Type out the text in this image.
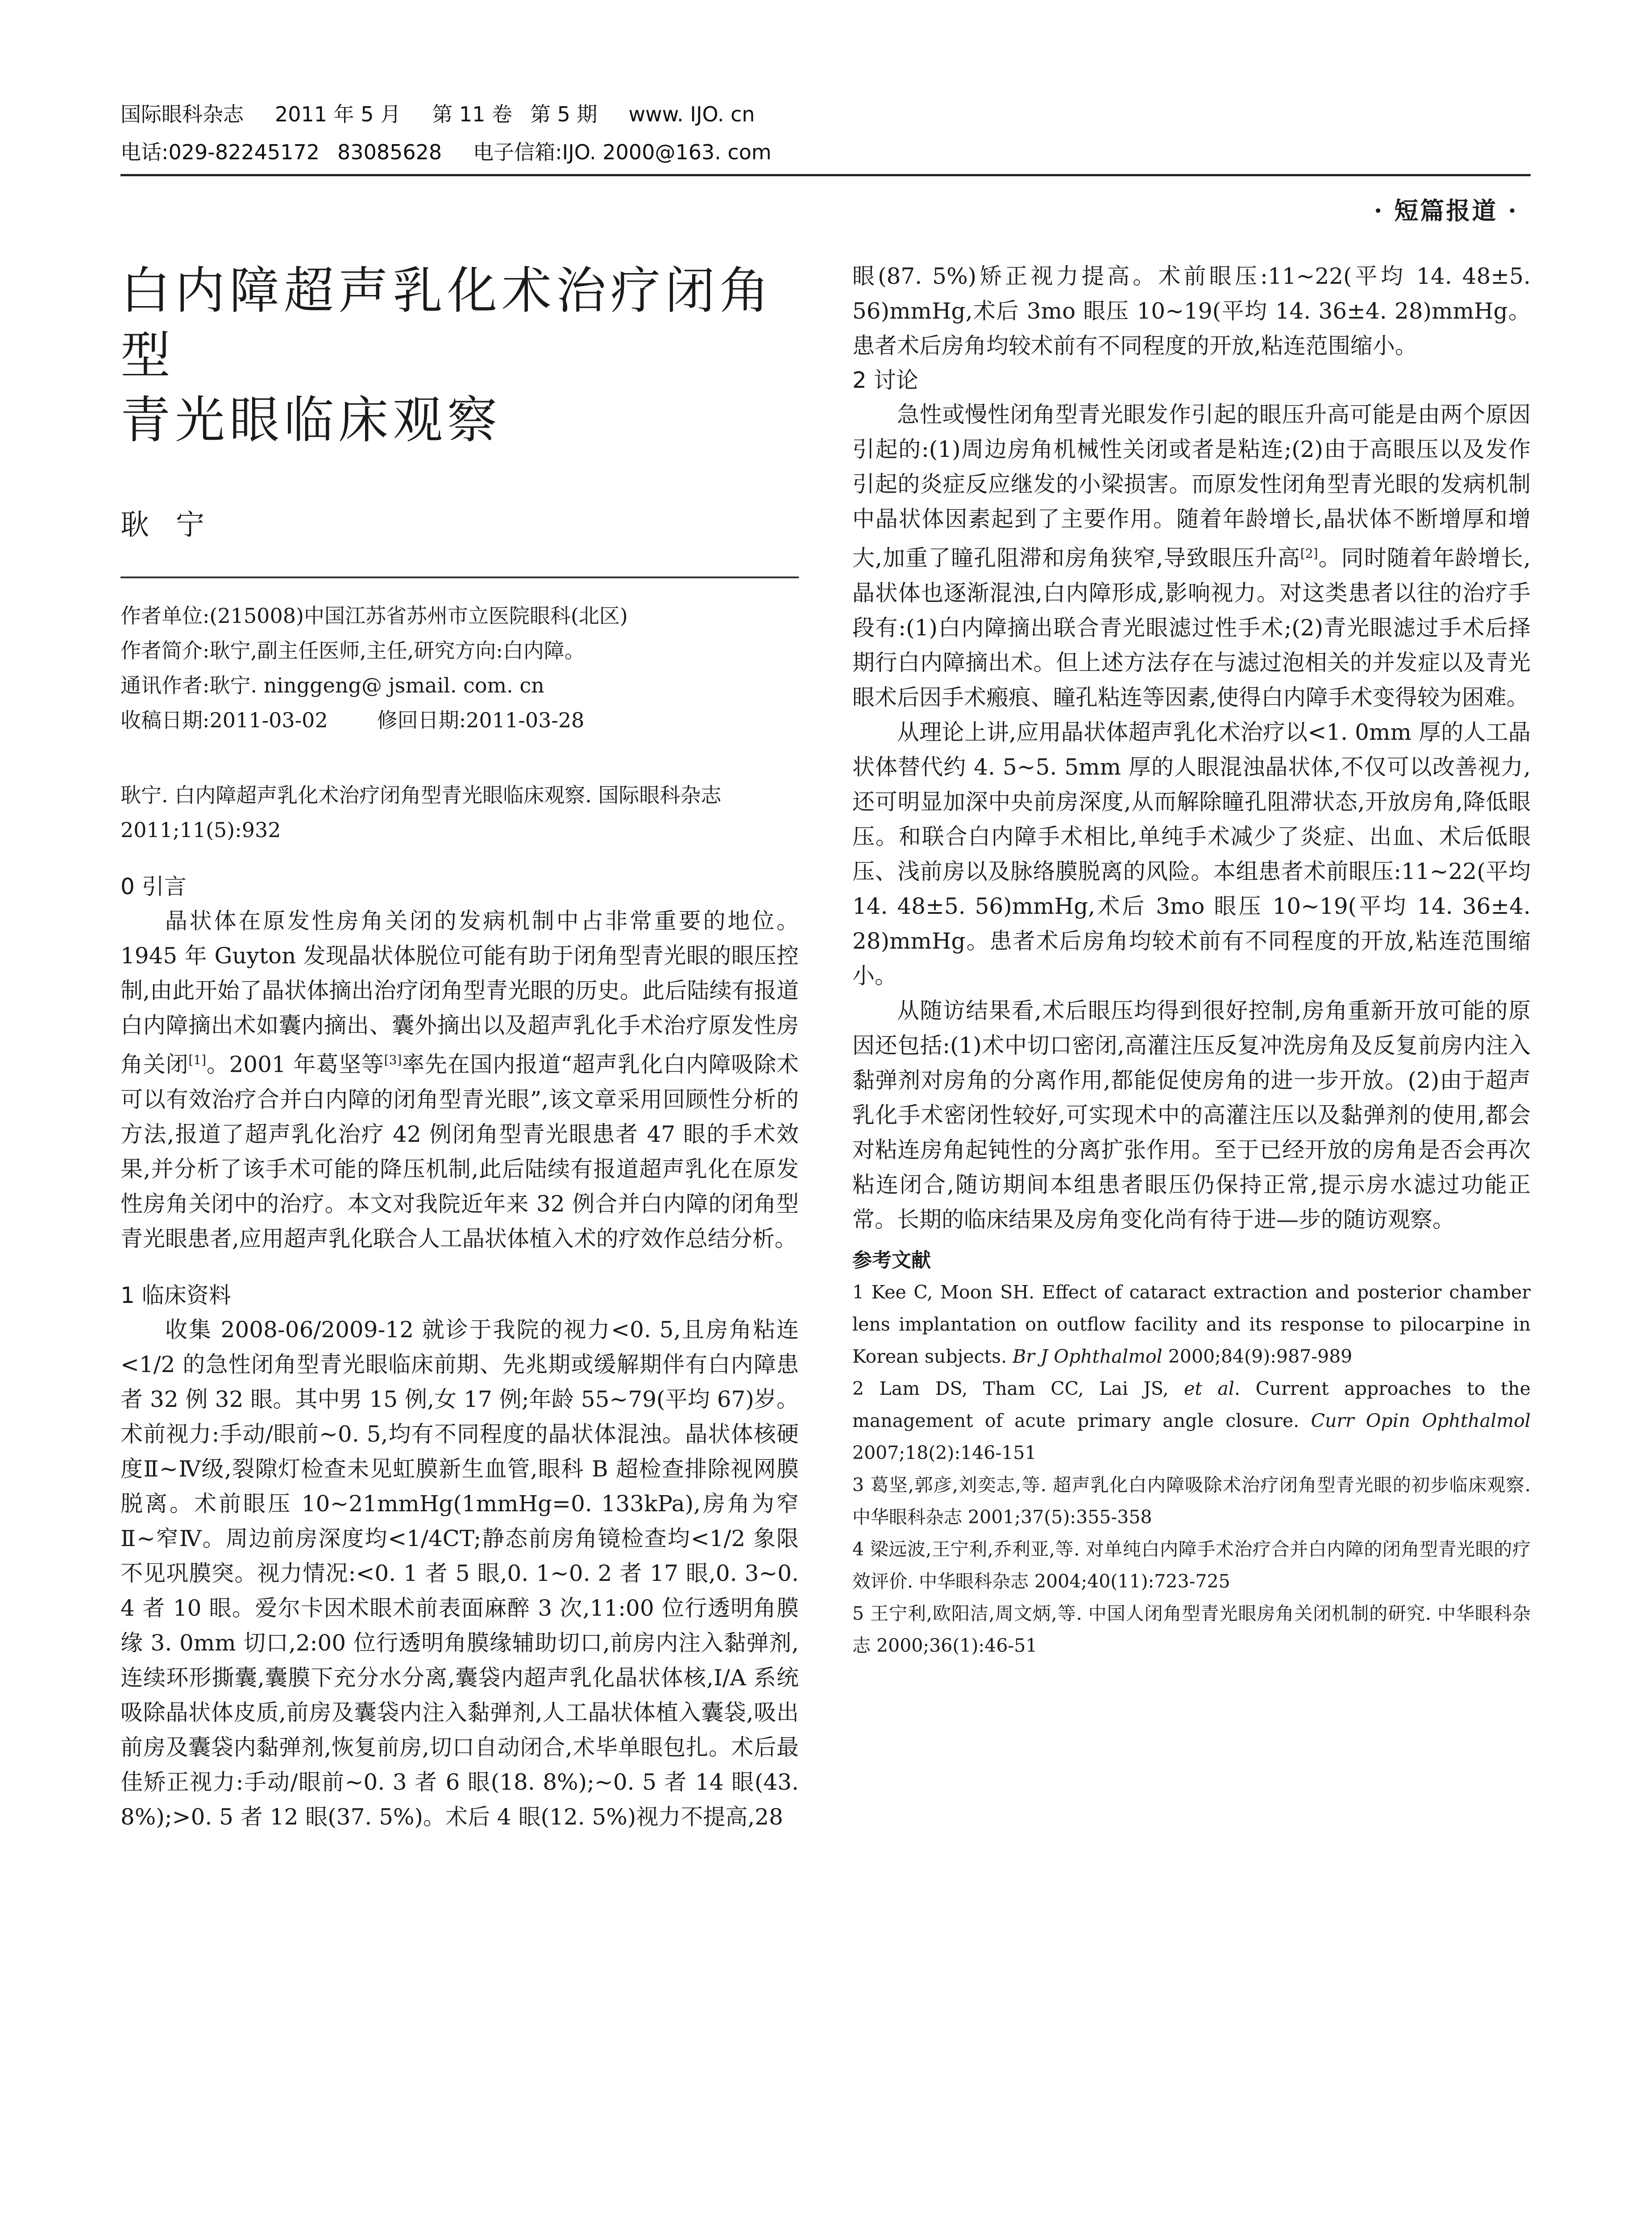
国际眼科杂志 2011 年 5 月 第 11 卷 第 5 期 www. IJO. cn
电话:029-82245172 83085628 电子信箱:IJO. 2000@163. com
· 短篇报道 ·
白内障超声乳化术治疗闭角型
青光眼临床观察
耿宁
作者单位:(215008)中国江苏省苏州市立医院眼科(北区)
作者简介:耿宁,副主任医师,主任,研究方向:白内障。
通讯作者:耿宁. ninggeng@ jsmail. com. cn
收稿日期:2011-03-02 修回日期:2011-03-28
耿宁. 白内障超声乳化术治疗闭角型青光眼临床观察. 国际眼科杂志 2011;11(5):932
0 引言

晶状体在原发性房角关闭的发病机制中占非常重要的地位。1945 年 Guyton 发现晶状体脱位可能有助于闭角型青光眼的眼压控制,由此开始了晶状体摘出治疗闭角型青光眼的历史。此后陆续有报道白内障摘出术如囊内摘出、囊外摘出以及超声乳化手术治疗原发性房角关闭[1]。2001 年葛坚等[3]率先在国内报道“超声乳化白内障吸除术可以有效治疗合并白内障的闭角型青光眼”,该文章采用回顾性分析的方法,报道了超声乳化治疗 42 例闭角型青光眼患者 47 眼的手术效果,并分析了该手术可能的降压机制,此后陆续有报道超声乳化在原发性房角关闭中的治疗。本文对我院近年来 32 例合并白内障的闭角型青光眼患者,应用超声乳化联合人工晶状体植入术的疗效作总结分析。

1 临床资料

收集 2008-06/2009-12 就诊于我院的视力<0. 5,且房角粘连<1/2 的急性闭角型青光眼临床前期、先兆期或缓解期伴有白内障患者 32 例 32 眼。其中男 15 例,女 17 例;年龄 55~79(平均 67)岁。术前视力:手动/眼前~0. 5,均有不同程度的晶状体混浊。晶状体核硬度Ⅱ~Ⅳ级,裂隙灯检查未见虹膜新生血管,眼科 B 超检查排除视网膜脱离。术前眼压 10~21mmHg(1mmHg=0. 133kPa),房角为窄Ⅱ~窄Ⅳ。周边前房深度均<1/4CT;静态前房角镜检查均<1/2 象限不见巩膜突。视力情况:<0. 1 者 5 眼,0. 1~0. 2 者 17 眼,0. 3~0. 4 者 10 眼。爱尔卡因术眼术前表面麻醉 3 次,11:00 位行透明角膜缘 3. 0mm 切口,2:00 位行透明角膜缘辅助切口,前房内注入黏弹剂,连续环形撕囊,囊膜下充分水分离,囊袋内超声乳化晶状体核,I/A 系统吸除晶状体皮质,前房及囊袋内注入黏弹剂,人工晶状体植入囊袋,吸出前房及囊袋内黏弹剂,恢复前房,切口自动闭合,术毕单眼包扎。术后最佳矫正视力:手动/眼前~0. 3 者 6 眼(18. 8%);~0. 5 者 14 眼(43. 8%);>0. 5 者 12 眼(37. 5%)。术后 4 眼(12. 5%)视力不提高,28

眼(87. 5%)矫正视力提高。术前眼压:11~22(平均 14. 48±5. 56)mmHg,术后 3mo 眼压 10~19(平均 14. 36±4. 28)mmHg。患者术后房角均较术前有不同程度的开放,粘连范围缩小。

2 讨论

急性或慢性闭角型青光眼发作引起的眼压升高可能是由两个原因引起的:(1)周边房角机械性关闭或者是粘连;(2)由于高眼压以及发作引起的炎症反应继发的小梁损害。而原发性闭角型青光眼的发病机制中晶状体因素起到了主要作用。随着年龄增长,晶状体不断增厚和增大,加重了瞳孔阻滞和房角狭窄,导致眼压升高[2]。同时随着年龄增长,晶状体也逐渐混浊,白内障形成,影响视力。对这类患者以往的治疗手段有:(1)白内障摘出联合青光眼滤过性手术;(2)青光眼滤过手术后择期行白内障摘出术。但上述方法存在与滤过泡相关的并发症以及青光眼术后因手术瘢痕、瞳孔粘连等因素,使得白内障手术变得较为困难。

从理论上讲,应用晶状体超声乳化术治疗以<1. 0mm 厚的人工晶状体替代约 4. 5~5. 5mm 厚的人眼混浊晶状体,不仅可以改善视力,还可明显加深中央前房深度,从而解除瞳孔阻滞状态,开放房角,降低眼压。和联合白内障手术相比,单纯手术减少了炎症、出血、术后低眼压、浅前房以及脉络膜脱离的风险。本组患者术前眼压:11~22(平均 14. 48±5. 56)mmHg,术后 3mo 眼压 10~19(平均 14. 36±4. 28)mmHg。患者术后房角均较术前有不同程度的开放,粘连范围缩小。

从随访结果看,术后眼压均得到很好控制,房角重新开放可能的原因还包括:(1)术中切口密闭,高灌注压反复冲洗房角及反复前房内注入黏弹剂对房角的分离作用,都能促使房角的进一步开放。(2)由于超声乳化手术密闭性较好,可实现术中的高灌注压以及黏弹剂的使用,都会对粘连房角起钝性的分离扩张作用。至于已经开放的房角是否会再次粘连闭合,随访期间本组患者眼压仍保持正常,提示房水滤过功能正常。长期的临床结果及房角变化尚有待于进—步的随访观察。

参考文献
1 Kee C, Moon SH. Effect of cataract extraction and posterior chamber lens implantation on outflow facility and its response to pilocarpine in Korean subjects. Br J Ophthalmol 2000;84(9):987-989
2 Lam DS, Tham CC, Lai JS, et al. Current approaches to the management of acute primary angle closure. Curr Opin Ophthalmol 2007;18(2):146-151
3 葛坚,郭彦,刘奕志,等. 超声乳化白内障吸除术治疗闭角型青光眼的初步临床观察. 中华眼科杂志 2001;37(5):355-358
4 梁远波,王宁利,乔利亚,等. 对单纯白内障手术治疗合并白内障的闭角型青光眼的疗效评价. 中华眼科杂志 2004;40(11):723-725
5 王宁利,欧阳洁,周文炳,等. 中国人闭角型青光眼房角关闭机制的研究. 中华眼科杂志 2000;36(1):46-51
